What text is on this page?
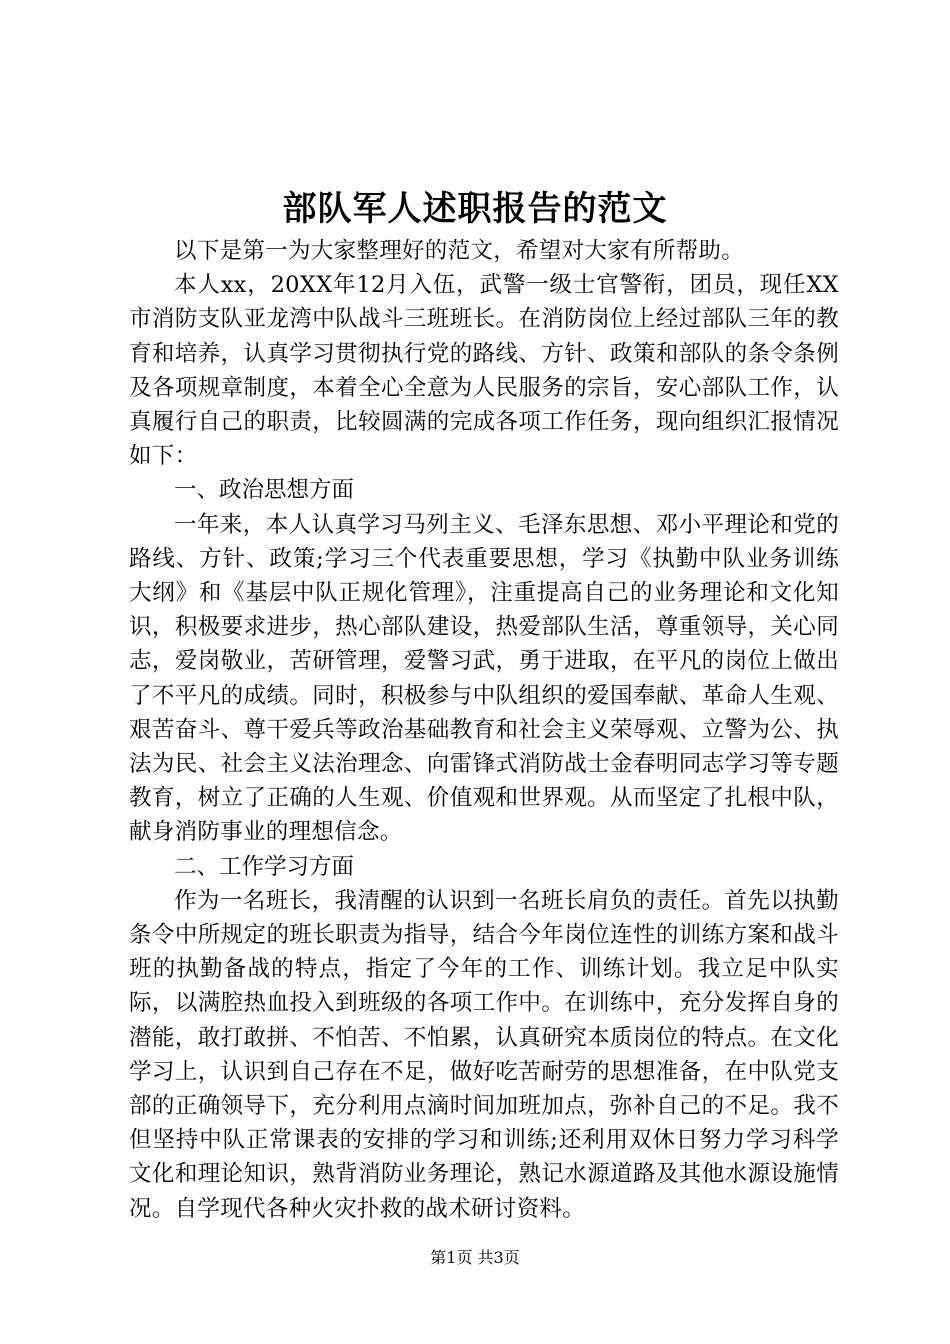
部队军人述职报告的范文

以下是第一为大家整理好的范文，希望对大家有所帮助。

本人xx，20XX年12月入伍，武警一级士官警衔，团员，现任XX市消防支队亚龙湾中队战斗三班班长。在消防岗位上经过部队三年的教育和培养，认真学习贯彻执行党的路线、方针、政策和部队的条令条例及各项规章制度，本着全心全意为人民服务的宗旨，安心部队工作，认真履行自己的职责，比较圆满的完成各项工作任务，现向组织汇报情况如下：

一、政治思想方面

一年来，本人认真学习马列主义、毛泽东思想、邓小平理论和党的路线、方针、政策;学习三个代表重要思想，学习《执勤中队业务训练大纲》和《基层中队正规化管理》，注重提高自己的业务理论和文化知识，积极要求进步，热心部队建设，热爱部队生活，尊重领导，关心同志，爱岗敬业，苦研管理，爱警习武，勇于进取，在平凡的岗位上做出了不平凡的成绩。同时，积极参与中队组织的爱国奉献、革命人生观、艰苦奋斗、尊干爱兵等政治基础教育和社会主义荣辱观、立警为公、执法为民、社会主义法治理念、向雷锋式消防战士金春明同志学习等专题教育，树立了正确的人生观、价值观和世界观。从而坚定了扎根中队，献身消防事业的理想信念。

二、工作学习方面

作为一名班长，我清醒的认识到一名班长肩负的责任。首先以执勤条令中所规定的班长职责为指导，结合今年岗位连性的训练方案和战斗班的执勤备战的特点，指定了今年的工作、训练计划。我立足中队实际，以满腔热血投入到班级的各项工作中。在训练中，充分发挥自身的潜能，敢打敢拼、不怕苦、不怕累，认真研究本质岗位的特点。在文化学习上，认识到自己存在不足，做好吃苦耐劳的思想准备，在中队党支部的正确领导下，充分利用点滴时间加班加点，弥补自己的不足。我不但坚持中队正常课表的安排的学习和训练;还利用双休日努力学习科学文化和理论知识，熟背消防业务理论，熟记水源道路及其他水源设施情况。自学现代各种火灾扑救的战术研讨资料。

第1页 共3页
